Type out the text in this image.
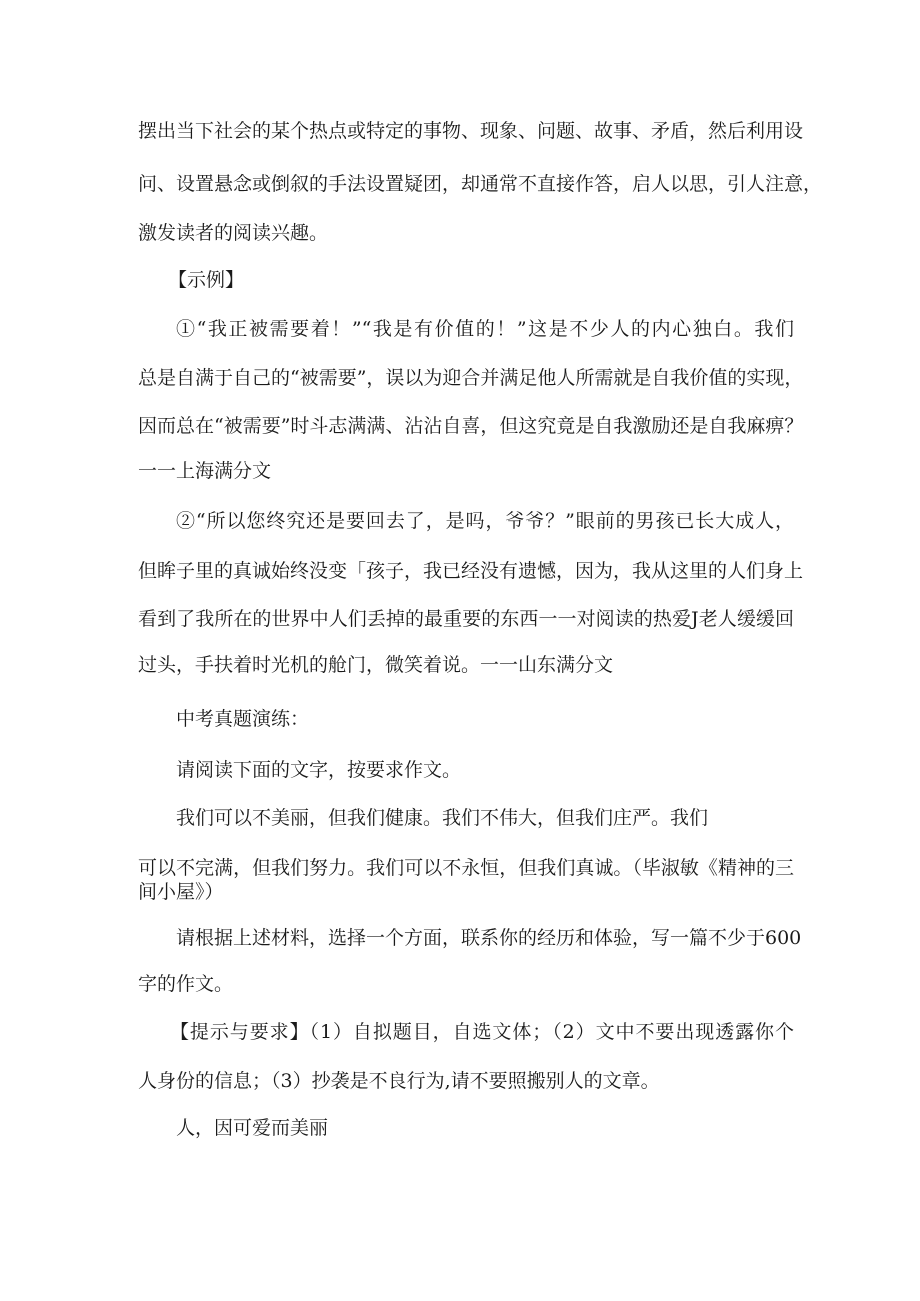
摆出当下社会的某个热点或特定的事物、现象、问题、故事、矛盾，然后利用设

问、设置悬念或倒叙的手法设置疑团，却通常不直接作答，启人以思，引人注意，

激发读者的阅读兴趣。

【示例】

①“我正被需要着！”“我是有价值的！”这是不少人的内心独白。我们

总是自满于自己的“被需要”，误以为迎合并满足他人所需就是自我价值的实现，

因而总在“被需要”时斗志满满、沾沾自喜，但这究竟是自我激励还是自我麻痹？

一一上海满分文

②“所以您终究还是要回去了，是吗，爷爷？”眼前的男孩已长大成人，

但眸子里的真诚始终没变「孩子，我已经没有遗憾，因为，我从这里的人们身上

看到了我所在的世界中人们丢掉的最重要的东西一一对阅读的热爱J老人缓缓回

过头，手扶着时光机的舱门，微笑着说。一一山东满分文

中考真题演练：

请阅读下面的文字，按要求作文。

我们可以不美丽，但我们健康。我们不伟大，但我们庄严。我们

可以不完满，但我们努力。我们可以不永恒，但我们真诚。（毕淑敏《精神的三

间小屋》）

请根据上述材料，选择一个方面，联系你的经历和体验，写一篇不少于600

字的作文。

【提示与要求】（1）自拟题目，自选文体；（2）文中不要出现透露你个

人身份的信息；（3）抄袭是不良行为,请不要照搬别人的文章。

人，因可爱而美丽
